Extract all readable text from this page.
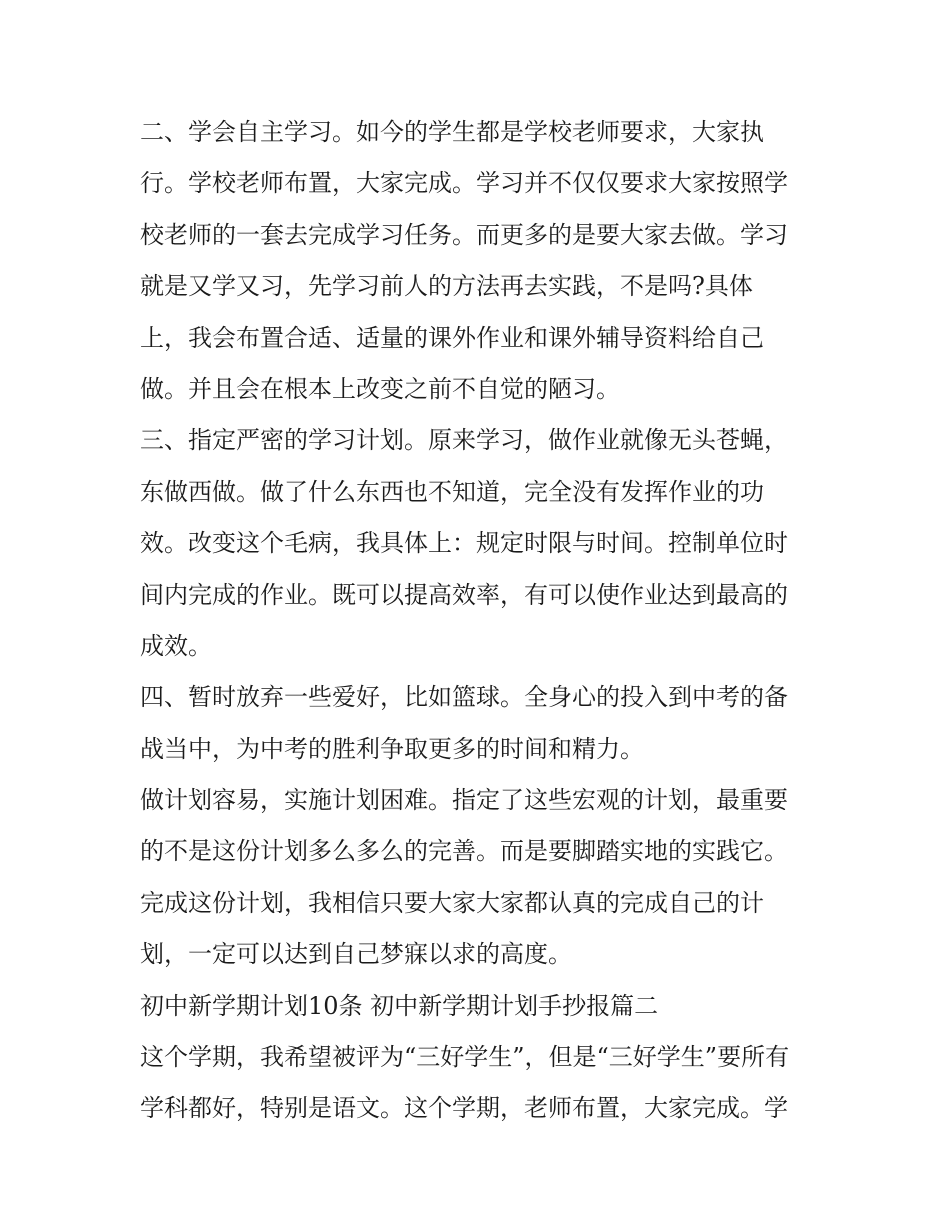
二、学会自主学习。如今的学生都是学校老师要求，大家执
行。学校老师布置，大家完成。学习并不仅仅要求大家按照学
校老师的一套去完成学习任务。而更多的是要大家去做。学习
就是又学又习，先学习前人的方法再去实践，不是吗?具体
上，我会布置合适、适量的课外作业和课外辅导资料给自己
做。并且会在根本上改变之前不自觉的陋习。
三、指定严密的学习计划。原来学习，做作业就像无头苍蝇，
东做西做。做了什么东西也不知道，完全没有发挥作业的功
效。改变这个毛病，我具体上：规定时限与时间。控制单位时
间内完成的作业。既可以提高效率，有可以使作业达到最高的
成效。
四、暂时放弃一些爱好，比如篮球。全身心的投入到中考的备
战当中，为中考的胜利争取更多的时间和精力。
做计划容易，实施计划困难。指定了这些宏观的计划，最重要
的不是这份计划多么多么的完善。而是要脚踏实地的实践它。
完成这份计划，我相信只要大家大家都认真的完成自己的计
划，一定可以达到自己梦寐以求的高度。
初中新学期计划10条 初中新学期计划手抄报篇二
这个学期，我希望被评为“三好学生”，但是“三好学生”要所有
学科都好，特别是语文。这个学期，老师布置，大家完成。学
